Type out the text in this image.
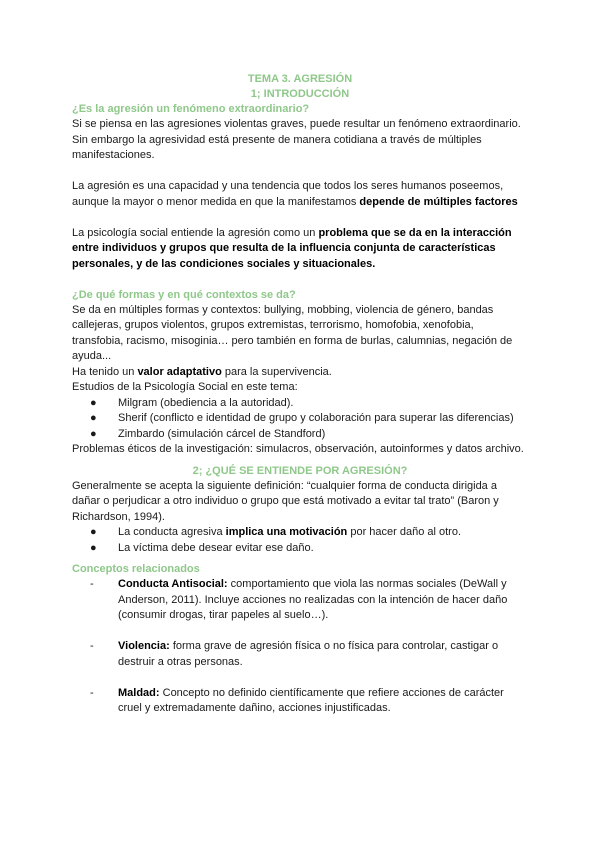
TEMA 3. AGRESIÓN
1; INTRODUCCIÓN
¿Es la agresión un fenómeno extraordinario?

Si se piensa en las agresiones violentas graves, puede resultar un fenómeno extraordinario. Sin embargo la agresividad está presente de manera cotidiana a través de múltiples manifestaciones.

La agresión es una capacidad y una tendencia que todos los seres humanos poseemos, aunque la mayor o menor medida en que la manifestamos depende de múltiples factores

La psicología social entiende la agresión como un problema que se da en la interacción entre individuos y grupos que resulta de la influencia conjunta de características personales, y de las condiciones sociales y situacionales.

¿De qué formas y en qué contextos se da?

Se da en múltiples formas y contextos: bullying, mobbing, violencia de género, bandas callejeras, grupos violentos, grupos extremistas, terrorismo, homofobia, xenofobia, transfobia, racismo, misoginia… pero también en forma de burlas, calumnias, negación de ayuda...

Ha tenido un valor adaptativo para la supervivencia.

Estudios de la Psicología Social en este tema:

● Milgram (obediencia a la autoridad).
● Sherif (conflicto e identidad de grupo y colaboración para superar las diferencias)
● Zimbardo (simulación cárcel de Standford)

Problemas éticos de la investigación: simulacros, observación, autoinformes y datos archivo.

2; ¿QUÉ SE ENTIENDE POR AGRESIÓN?

Generalmente se acepta la siguiente definición: “cualquier forma de conducta dirigida a dañar o perjudicar a otro individuo o grupo que está motivado a evitar tal trato” (Baron y Richardson, 1994).

● La conducta agresiva implica una motivación por hacer daño al otro.
● La víctima debe desear evitar ese daño.
Conceptos relacionados
- Conducta Antisocial: comportamiento que viola las normas sociales (DeWall y Anderson, 2011). Incluye acciones no realizadas con la intención de hacer daño (consumir drogas, tirar papeles al suelo…).
- Violencia: forma grave de agresión física o no física para controlar, castigar o destruir a otras personas.
- Maldad: Concepto no definido científicamente que refiere acciones de carácter cruel y extremadamente dañino, acciones injustificadas.
